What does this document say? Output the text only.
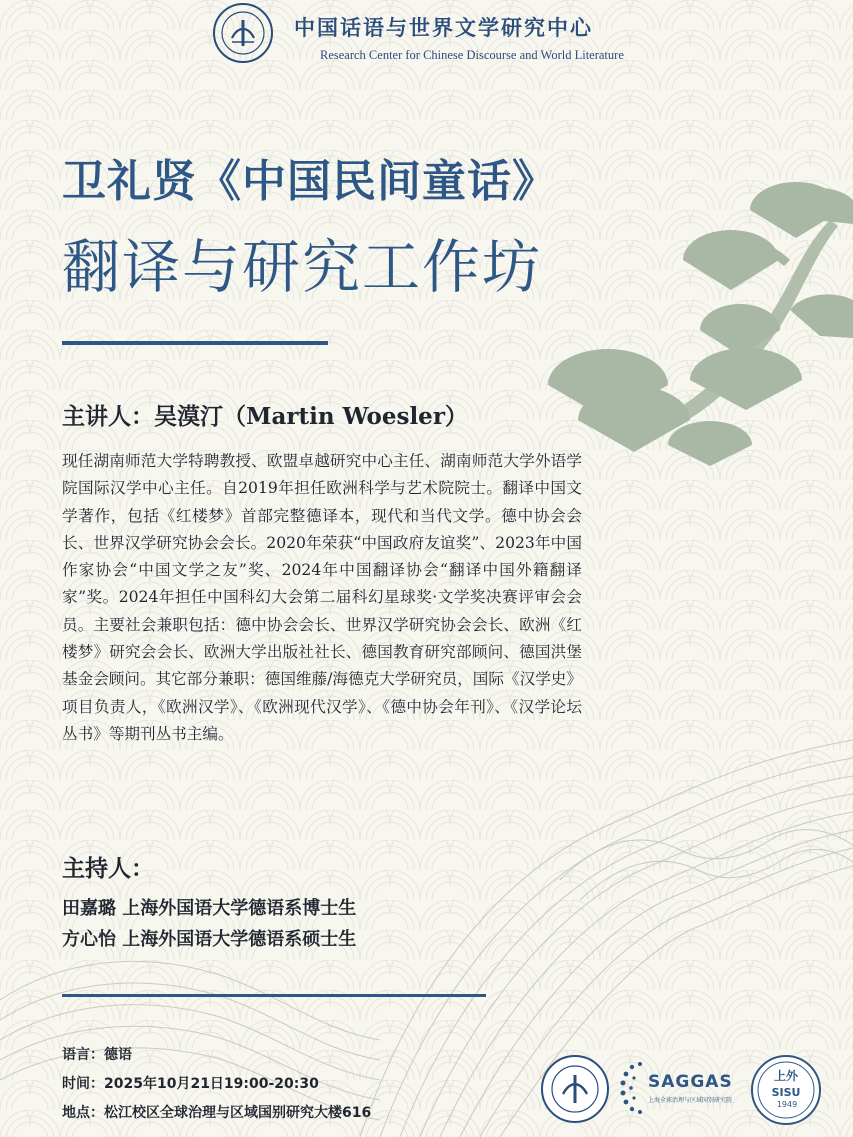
中国话语与世界文学研究中心
Research Center for Chinese Discourse and World Literature
卫礼贤《中国民间童话》
翻译与研究工作坊
主讲人：吴漠汀（Martin Woesler）
现任湖南师范大学特聘教授、欧盟卓越研究中心主任、湖南师范大学外语学院国际汉学中心主任。自2019年担任欧洲科学与艺术院院士。翻译中国文学著作，包括《红楼梦》首部完整德译本，现代和当代文学。德中协会会长、世界汉学研究协会会长。2020年荣获“中国政府友谊奖”、2023年中国作家协会“中国文学之友”奖、2024年中国翻译协会“翻译中国外籍翻译家”奖。2024年担任中国科幻大会第二届科幻星球奖·文学奖决赛评审会会员。主要社会兼职包括：德中协会会长、世界汉学研究协会会长、欧洲《红楼梦》研究会会长、欧洲大学出版社社长、德国教育研究部顾问、德国洪堡基金会顾问。其它部分兼职：德国维藤/海德克大学研究员，国际《汉学史》项目负责人，《欧洲汉学》、《欧洲现代汉学》、《德中协会年刊》、《汉学论坛丛书》等期刊丛书主编。
主持人：
田嘉璐 上海外国语大学德语系博士生
方心怡 上海外国语大学德语系硕士生
语言：德语
时间：2025年10月21日19:00-20:30
地点：松江校区全球治理与区域国别研究大楼616
SAGGAS
上海全球治理与区域国别研究院
上外
SISU
1949
